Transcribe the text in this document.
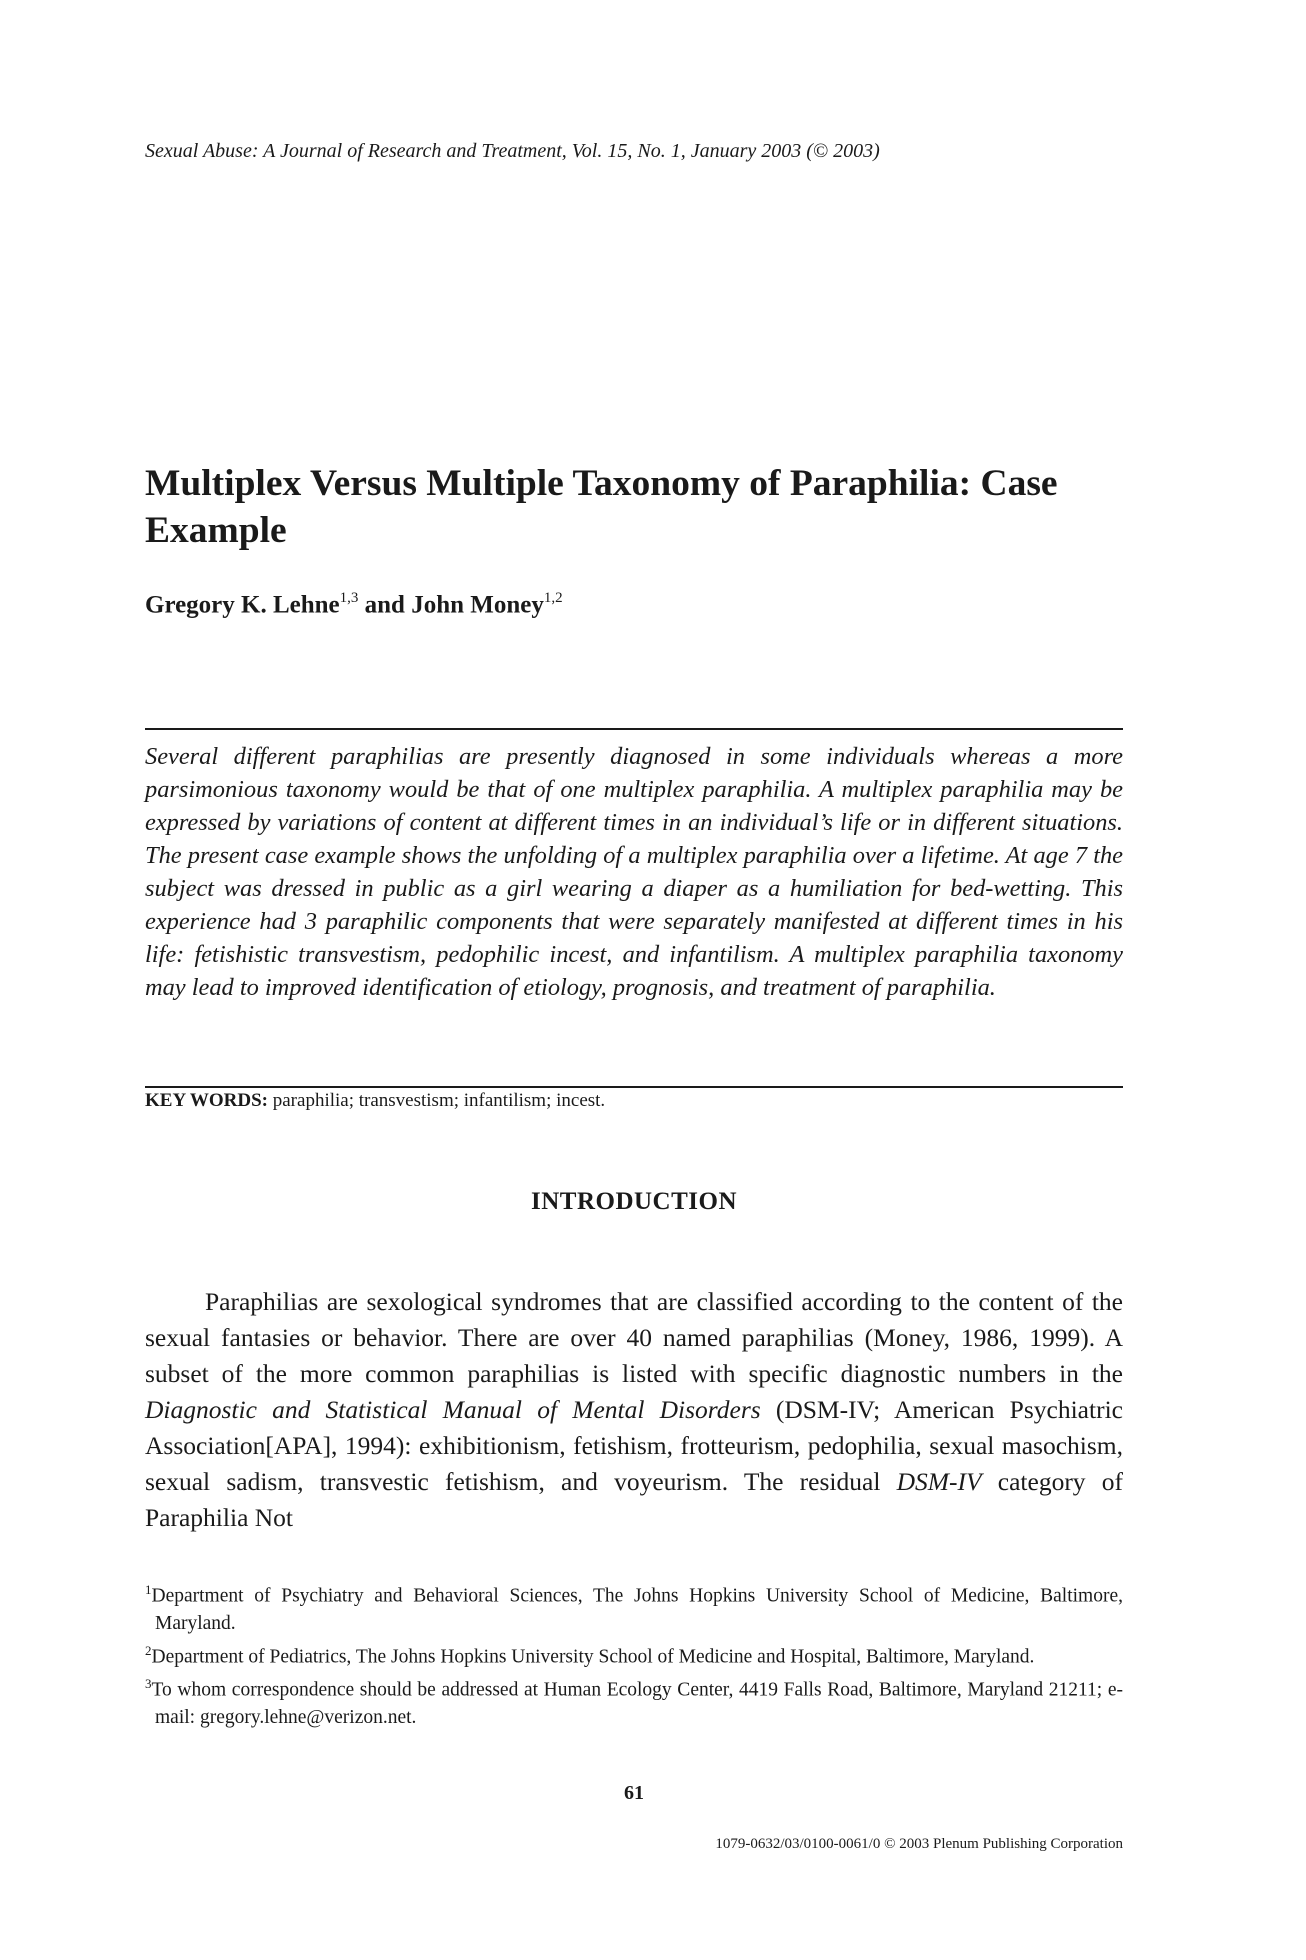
Sexual Abuse: A Journal of Research and Treatment, Vol. 15, No. 1, January 2003 (© 2003)
Multiplex Versus Multiple Taxonomy of Paraphilia: Case Example
Gregory K. Lehne$^{1,3}$ and John Money$^{1,2}$
Several different paraphilias are presently diagnosed in some individuals whereas a more parsimonious taxonomy would be that of one multiplex paraphilia. A multiplex paraphilia may be expressed by variations of content at different times in an individual’s life or in different situations. The present case example shows the unfolding of a multiplex paraphilia over a lifetime. At age 7 the subject was dressed in public as a girl wearing a diaper as a humiliation for bed-wetting. This experience had 3 paraphilic components that were separately manifested at different times in his life: fetishistic transvestism, pedophilic incest, and infantilism. A multiplex paraphilia taxonomy may lead to improved identification of etiology, prognosis, and treatment of paraphilia.
KEY WORDS: paraphilia; transvestism; infantilism; incest.
INTRODUCTION

Paraphilias are sexological syndromes that are classified according to the content of the sexual fantasies or behavior. There are over 40 named paraphilias (Money, 1986, 1999). A subset of the more common paraphilias is listed with specific diagnostic numbers in the Diagnostic and Statistical Manual of Mental Disorders (DSM-IV; American Psychiatric Association[APA], 1994): exhibitionism, fetishism, frotteurism, pedophilia, sexual masochism, sexual sadism, transvestic fetishism, and voyeurism. The residual DSM-IV category of Paraphilia Not

$^1$Department of Psychiatry and Behavioral Sciences, The Johns Hopkins University School of Medicine, Baltimore, Maryland.
$^2$Department of Pediatrics, The Johns Hopkins University School of Medicine and Hospital, Baltimore, Maryland.
$^3$To whom correspondence should be addressed at Human Ecology Center, 4419 Falls Road, Baltimore, Maryland 21211; e-mail: gregory.lehne@verizon.net.
61
1079-0632/03/0100-0061/0 © 2003 Plenum Publishing Corporation
